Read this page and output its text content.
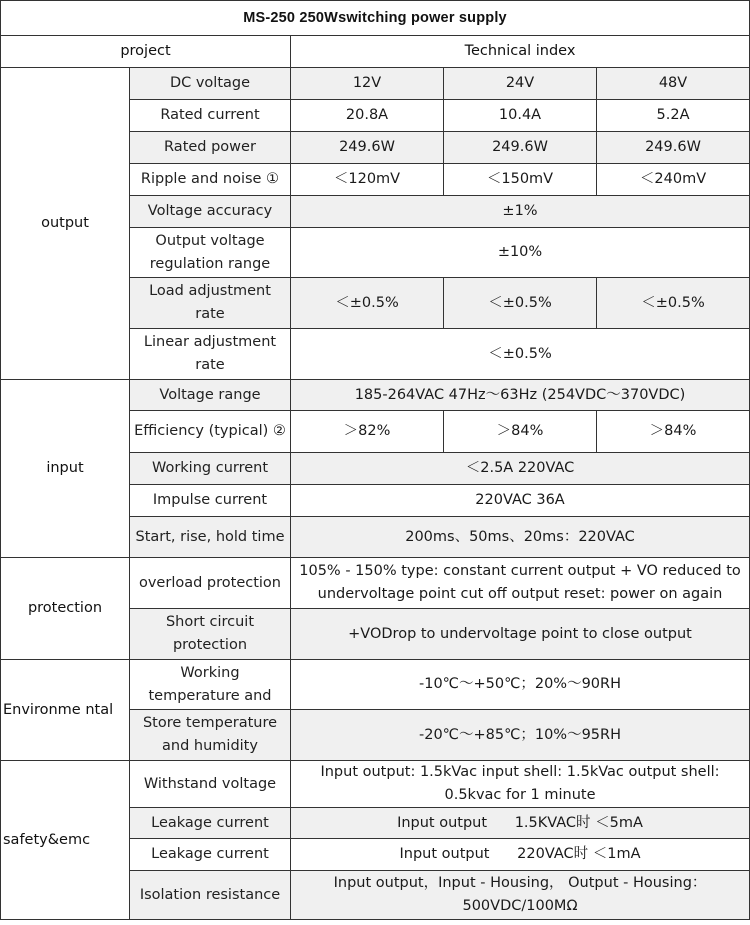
MS-250 250Wswitching power supply				
project		Technical index		
output	DC voltage	12V	24V	48V
	Rated current	20.8A	10.4A	5.2A
	Rated power	249.6W	249.6W	249.6W
	Ripple and noise ①	＜120mV	＜150mV	＜240mV
	Voltage accuracy	±1%		
	Output voltage regulation range	±10%		
	Load adjustment rate	＜±0.5%	＜±0.5%	＜±0.5%
	Linear adjustment rate	＜±0.5%		
input	Voltage range	185-264VAC 47Hz～63Hz (254VDC～370VDC)		
	Efficiency (typical) ②	＞82%	＞84%	＞84%
	Working current	＜2.5A 220VAC		
	Impulse current	220VAC 36A		
	Start, rise, hold time	200ms、50ms、20ms：220VAC		
protection	overload protection	105% - 150% type: constant current output + VO reduced to undervoltage point cut off output reset: power on again		
	Short circuit protection	+VODrop to undervoltage point to close output		
Environme ntal	Working temperature and	-10℃～+50℃；20%～90RH		
	Store temperature and humidity	-20℃～+85℃；10%～95RH		
safety&emc	Withstand voltage	Input output: 1.5kVac input shell: 1.5kVac output shell: 0.5kvac for 1 minute		
	Leakage current	Input output      1.5KVAC时 ＜5mA		
	Leakage current	Input output      220VAC时 ＜1mA		
	Isolation resistance	Input output，Input - Housing， Output - Housing：500VDC/100MΩ		
